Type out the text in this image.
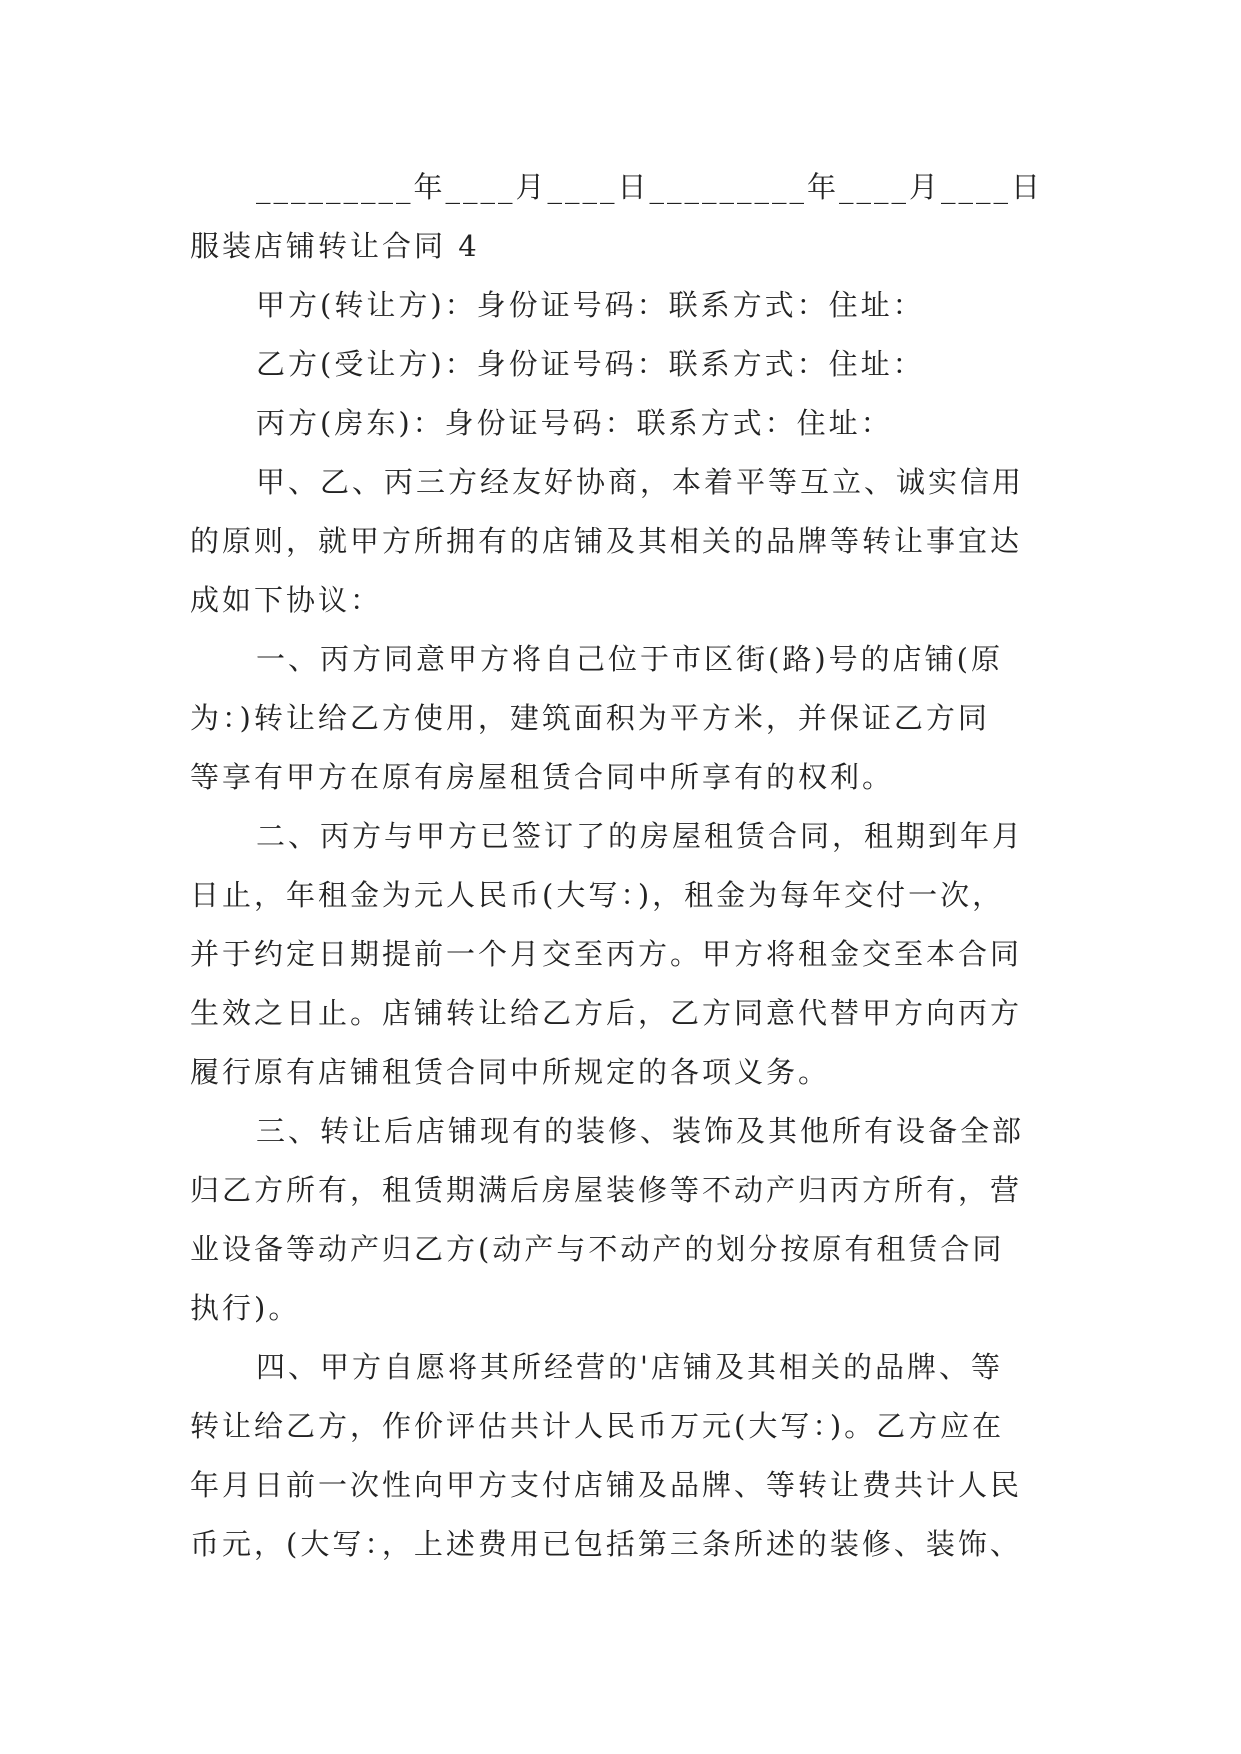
_________年____月____日_________年____月____日

服装店铺转让合同 4

甲方(转让方)：身份证号码：联系方式：住址：

乙方(受让方)：身份证号码：联系方式：住址：

丙方(房东)：身份证号码：联系方式：住址：

甲、乙、丙三方经友好协商，本着平等互立、诚实信用

的原则，就甲方所拥有的店铺及其相关的品牌等转让事宜达

成如下协议：

一、丙方同意甲方将自己位于市区街(路)号的店铺(原

为：)转让给乙方使用，建筑面积为平方米，并保证乙方同

等享有甲方在原有房屋租赁合同中所享有的权利。

二、丙方与甲方已签订了的房屋租赁合同，租期到年月

日止，年租金为元人民币(大写：)，租金为每年交付一次，

并于约定日期提前一个月交至丙方。甲方将租金交至本合同

生效之日止。店铺转让给乙方后，乙方同意代替甲方向丙方

履行原有店铺租赁合同中所规定的各项义务。

三、转让后店铺现有的装修、装饰及其他所有设备全部

归乙方所有，租赁期满后房屋装修等不动产归丙方所有，营

业设备等动产归乙方(动产与不动产的划分按原有租赁合同

执行)。

四、甲方自愿将其所经营的'店铺及其相关的品牌、等

转让给乙方，作价评估共计人民币万元(大写：)。乙方应在

年月日前一次性向甲方支付店铺及品牌、等转让费共计人民

币元，(大写：，上述费用已包括第三条所述的装修、装饰、
